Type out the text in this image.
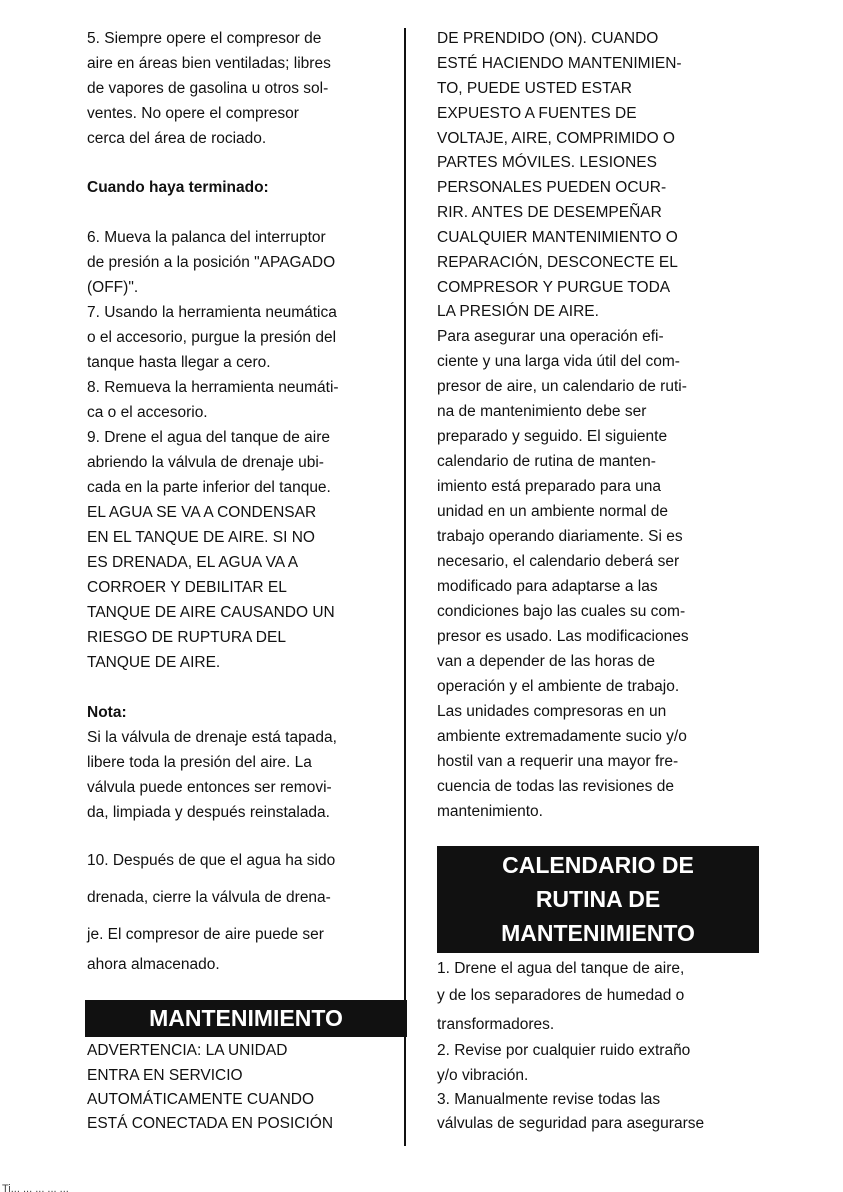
5. Siempre opere el compresor de
aire en áreas bien ventiladas; libres
de vapores de gasolina u otros sol-
ventes. No opere el compresor
cerca del área de rociado.
Cuando haya terminado:
6. Mueva la palanca del interruptor
de presión a la posición "APAGADO
(OFF)".
7. Usando la herramienta neumática
o el accesorio, purgue la presión del
tanque hasta llegar a cero.
8. Remueva la herramienta neumáti-
ca o el accesorio.
9. Drene el agua del tanque de aire
abriendo la válvula de drenaje ubi-
cada en la parte inferior del tanque.
EL AGUA SE VA A CONDENSAR
EN EL TANQUE DE AIRE. SI NO
ES DRENADA, EL AGUA VA A
CORROER Y DEBILITAR EL
TANQUE DE AIRE CAUSANDO UN
RIESGO DE RUPTURA DEL
TANQUE DE AIRE.
Nota:
Si la válvula de drenaje está tapada,
libere toda la presión del aire. La
válvula puede entonces ser removi-
da, limpiada y después reinstalada.
10. Después de que el agua ha sido
drenada, cierre la válvula de drena-
je. El compresor de aire puede ser
ahora almacenado.
ADVERTENCIA: LA UNIDAD
ENTRA EN SERVICIO
AUTOMÁTICAMENTE CUANDO
ESTÁ CONECTADA EN POSICIÓN
MANTENIMIENTO
DE PRENDIDO (ON). CUANDO
ESTÉ HACIENDO MANTENIMIEN-
TO, PUEDE USTED ESTAR
EXPUESTO A FUENTES DE
VOLTAJE, AIRE, COMPRIMIDO O
PARTES MÓVILES. LESIONES
PERSONALES PUEDEN OCUR-
RIR. ANTES DE DESEMPEÑAR
CUALQUIER MANTENIMIENTO O
REPARACIÓN, DESCONECTE EL
COMPRESOR Y PURGUE TODA
LA PRESIÓN DE AIRE.
Para asegurar una operación efi-
ciente y una larga vida útil del com-
presor de aire, un calendario de ruti-
na de mantenimiento debe ser
preparado y seguido. El siguiente
calendario de rutina de manten-
imiento está preparado para una
unidad en un ambiente normal de
trabajo operando diariamente. Si es
necesario, el calendario deberá ser
modificado para adaptarse a las
condiciones bajo las cuales su com-
presor es usado. Las modificaciones
van a depender de las horas de
operación y el ambiente de trabajo.
Las unidades compresoras en un
ambiente extremadamente sucio y/o
hostil van a requerir una mayor fre-
cuencia de todas las revisiones de
mantenimiento.
1. Drene el agua del tanque de aire,
y de los separadores de humedad o
transformadores.
2. Revise por cualquier ruido extraño
y/o vibración.
3. Manualmente revise todas las
válvulas de seguridad para asegurarse
CALENDARIO DE
RUTINA DE
MANTENIMIENTO
Ti... ... ... ... ...
